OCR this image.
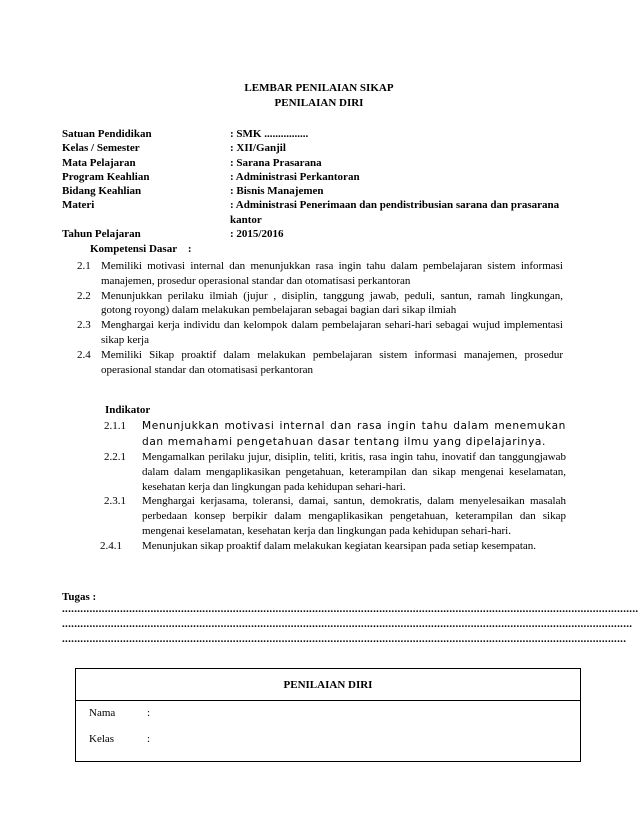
LEMBAR PENILAIAN SIKAP
PENILAIAN DIRI
Satuan Pendidikan	: SMK ................
Kelas / Semester	: XII/Ganjil
Mata Pelajaran	: Sarana Prasarana
Program Keahlian	: Administrasi Perkantoran
Bidang Keahlian	: Bisnis Manajemen
Materi	: Administrasi Penerimaan dan pendistribusian sarana dan prasarana kantor
Tahun Pelajaran	: 2015/2016
Kompetensi Dasar    :
2.1 Memiliki motivasi internal dan menunjukkan rasa ingin tahu dalam pembelajaran sistem informasi manajemen, prosedur operasional standar dan otomatisasi perkantoran
2.2 Menunjukkan perilaku ilmiah (jujur , disiplin, tanggung jawab, peduli, santun, ramah lingkungan, gotong royong) dalam melakukan pembelajaran sebagai bagian dari sikap ilmiah
2.3 Menghargai kerja individu dan kelompok dalam pembelajaran sehari-hari sebagai wujud implementasi sikap kerja
2.4 Memiliki Sikap proaktif dalam melakukan pembelajaran sistem informasi manajemen, prosedur operasional standar dan otomatisasi perkantoran
Indikator
2.1.1	Menunjukkan motivasi internal dan rasa ingin tahu dalam menemukan dan memahami pengetahuan dasar tentang ilmu yang dipelajarinya.
2.2.1	Mengamalkan perilaku jujur, disiplin, teliti, kritis, rasa ingin tahu, inovatif dan tanggungjawab dalam dalam mengaplikasikan pengetahuan, keterampilan dan sikap mengenai keselamatan, kesehatan kerja dan lingkungan pada kehidupan sehari-hari.
2.3.1	Menghargai kerjasama, toleransi, damai, santun, demokratis, dalam menyelesaikan masalah perbedaan konsep berpikir dalam mengaplikasikan pengetahuan, keterampilan dan sikap mengenai keselamatan, kesehatan kerja dan lingkungan pada kehidupan sehari-hari.
2.4.1	Menunjukan sikap proaktif dalam melakukan kegiatan kearsipan pada setiap kesempatan.
Tugas :
.............................................................................................................................................................................................
...........................................................................................................................................................................................
.........................................................................................................................................................................................
PENILAIAN DIRI
Nama	:
Kelas	:
